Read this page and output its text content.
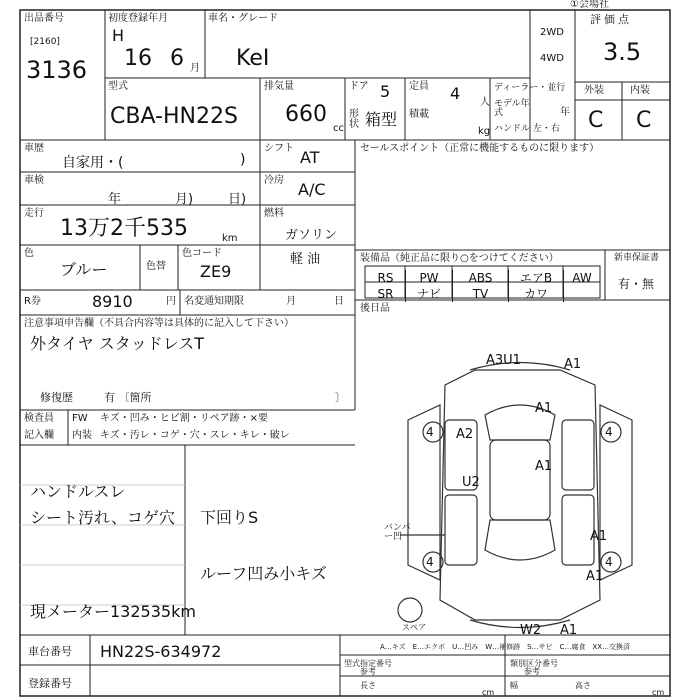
①会場社
出品番号
[2160]
3136
初度登録年月
H
16 6 月
車名・グレード
KeI
2WD
4WD
評価点
3.5
型式
CBA-HN22S
排気量
660
cc
ドア 5 定員 4 人
形状 箱型 積載
kg
ディーラー・並行
モデル年式	年
ハンドル 左・右
外装	内装
C C
車歴
自家用・(	)
シフト AT
車検
年	月)	日)
冷房 A/C
走行
13万2千535	km
燃料
ガソリン
軽 油
色
ブルー	色替
色コード
ZE9
R券	8910	円 名変通知期限	月	日
セールスポイント（正常に機能するものに限ります）
装備品（純正品に限り○をつけてください）
RS PW	ABS エアB AW
SR ナビ	TV	カワ
新車保証書
有・無
後日品
注意事項申告欄（不具合内容等は具体的に記入して下さい）
外タイヤ スタッドレスT
修復歴	有 〔箇所	〕
検査員
記入欄
FW キズ・凹み・ヒビ割・リペア跡・×要
内装 キズ・汚レ・コゲ・穴・スレ・キレ・破レ
ハンドルスレ
シート汚れ、コゲ穴 下回りS
ルーフ凹み小キズ
現メーター132535km
A3U1	A1
A1
A2
U2
A1
A1
A1
W2 A1
スペア
4	4
4	4
バンパー凹
A…キズ　E…エクボ　U…凹み　W…補修跡　S…サビ　C…腐食　XX…交換済
車台番号 HN22S-634972
登録番号
型式指定番号
参考
類別区分番号
参考
長さ
cm
幅	高さ
cm
